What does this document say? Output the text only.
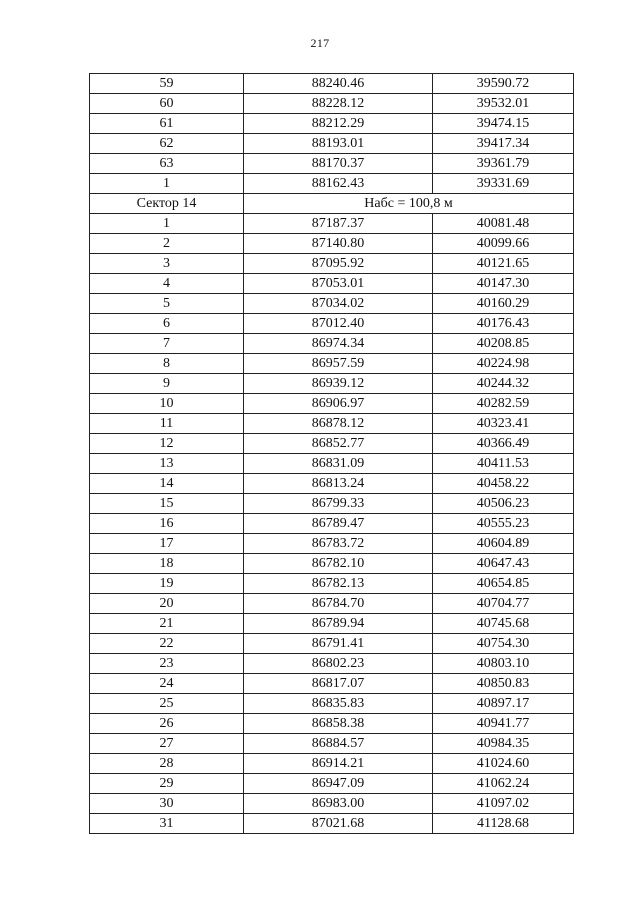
217
59	88240.46	39590.72
60	88228.12	39532.01
61	88212.29	39474.15
62	88193.01	39417.34
63	88170.37	39361.79
1	88162.43	39331.69
Сектор 14	Набс = 100,8 м	
1	87187.37	40081.48
2	87140.80	40099.66
3	87095.92	40121.65
4	87053.01	40147.30
5	87034.02	40160.29
6	87012.40	40176.43
7	86974.34	40208.85
8	86957.59	40224.98
9	86939.12	40244.32
10	86906.97	40282.59
11	86878.12	40323.41
12	86852.77	40366.49
13	86831.09	40411.53
14	86813.24	40458.22
15	86799.33	40506.23
16	86789.47	40555.23
17	86783.72	40604.89
18	86782.10	40647.43
19	86782.13	40654.85
20	86784.70	40704.77
21	86789.94	40745.68
22	86791.41	40754.30
23	86802.23	40803.10
24	86817.07	40850.83
25	86835.83	40897.17
26	86858.38	40941.77
27	86884.57	40984.35
28	86914.21	41024.60
29	86947.09	41062.24
30	86983.00	41097.02
31	87021.68	41128.68
